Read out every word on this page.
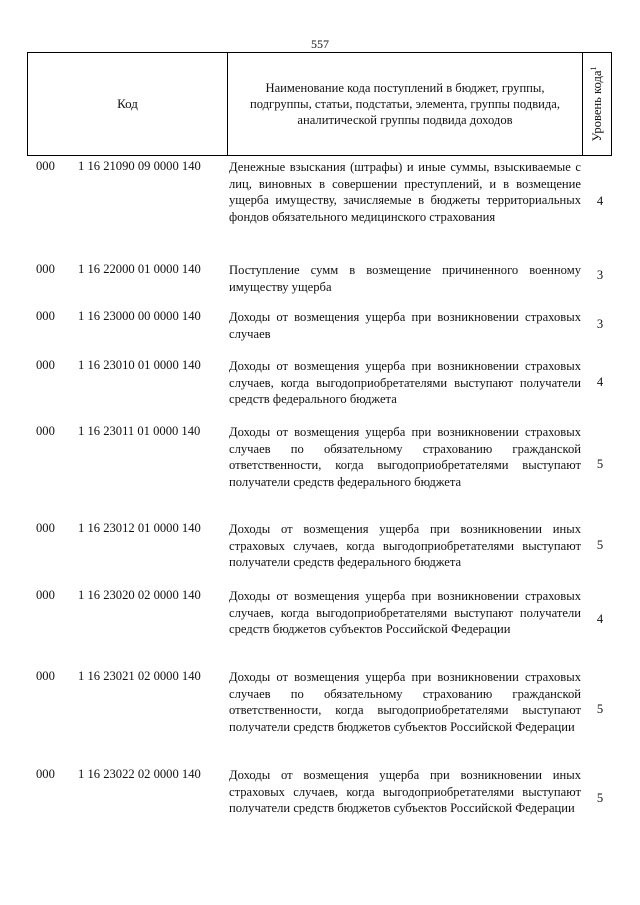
557
Код
Наименование кода поступлений в бюджет, группы, подгруппы, статьи, подстатьи, элемента, группы подвида, аналитической группы подвида доходов	Уровень кода$^1$
000 1 16 21090 09 0000 140 Денежные взыскания (штрафы) и иные суммы, взыскиваемые с лиц, виновных в совершении преступлений, и в возмещение ущерба имуществу, зачисляемые в бюджеты территориальных фондов обязательного медицинского страхования
4
000 1 16 22000 01 0000 140 Поступление сумм в возмещение причиненного военному имуществу ущерба
3
000 1 16 23000 00 0000 140 Доходы от возмещения ущерба при возникновении страховых случаев
3
000 1 16 23010 01 0000 140 Доходы от возмещения ущерба при возникновении страховых случаев, когда выгодоприобретателями выступают получатели средств федерального бюджета
4
000 1 16 23011 01 0000 140 Доходы от возмещения ущерба при возникновении страховых случаев по обязательному страхованию гражданской ответственности, когда выгодоприобретателями выступают получатели средств федерального бюджета
5
000 1 16 23012 01 0000 140 Доходы от возмещения ущерба при возникновении иных страховых случаев, когда выгодоприобретателями выступают получатели средств федерального бюджета
5
000 1 16 23020 02 0000 140 Доходы от возмещения ущерба при возникновении страховых случаев, когда выгодоприобретателями выступают получатели средств бюджетов субъектов Российской Федерации
4
000 1 16 23021 02 0000 140 Доходы от возмещения ущерба при возникновении страховых случаев по обязательному страхованию гражданской ответственности, когда выгодоприобретателями выступают получатели средств бюджетов субъектов Российской Федерации
5
000 1 16 23022 02 0000 140 Доходы от возмещения ущерба при возникновении иных страховых случаев, когда выгодоприобретателями выступают получатели средств бюджетов субъектов Российской Федерации
5
